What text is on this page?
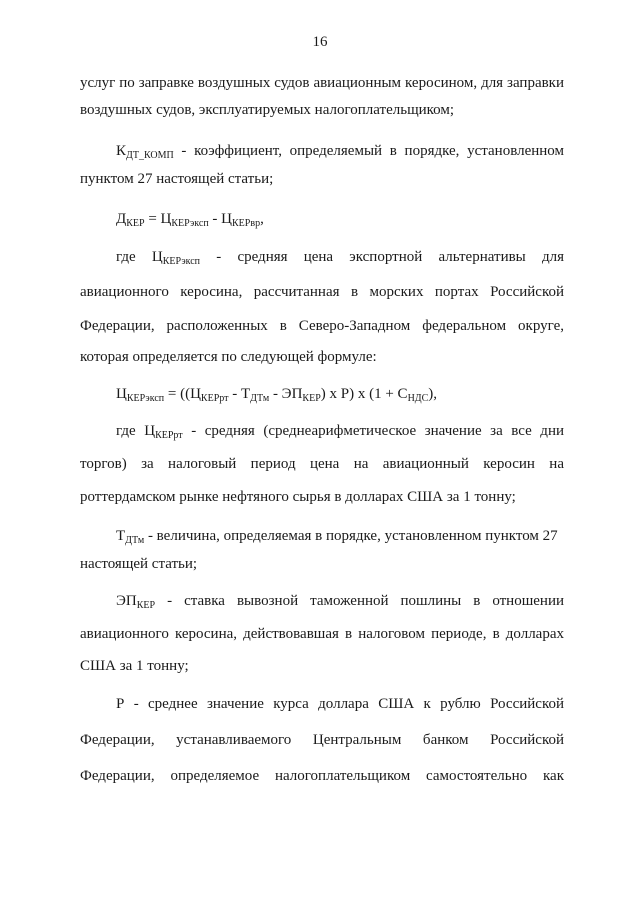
16
услуг по заправке воздушных судов авиационным керосином, для заправки
воздушных судов, эксплуатируемых налогоплательщиком;
$К_{ДТ\_КОМП}$ - коэффициент, определяемый в порядке, установленном
пунктом 27 настоящей статьи;
$Д_{КЕР} = Ц_{КЕРэксп} - Ц_{КЕРвр}$,
где $Ц_{КЕРэксп}$ - средняя цена экспортной альтернативы для
авиационного керосина, рассчитанная в морских портах Российской
Федерации, расположенных в Северо-Западном федеральном округе,
которая определяется по следующей формуле:
$Ц_{КЕРэксп} = ((Ц_{КЕРрт} - Т_{ДТм} - ЭП_{КЕР})$ x Р) x $(1 + С_{НДС})$,
где $Ц_{КЕРрт}$ - средняя (среднеарифметическое значение за все дни
торгов) за налоговый период цена на авиационный керосин на
роттердамском рынке нефтяного сырья в долларах США за 1 тонну;
$Т_{ДТм}$ - величина, определяемая в порядке, установленном пунктом 27
настоящей статьи;
$ЭП_{КЕР}$ - ставка вывозной таможенной пошлины в отношении
авиационного керосина, действовавшая в налоговом периоде, в долларах
США за 1 тонну;
Р - среднее значение курса доллара США к рублю Российской
Федерации, устанавливаемого Центральным банком Российской
Федерации, определяемое налогоплательщиком самостоятельно как
